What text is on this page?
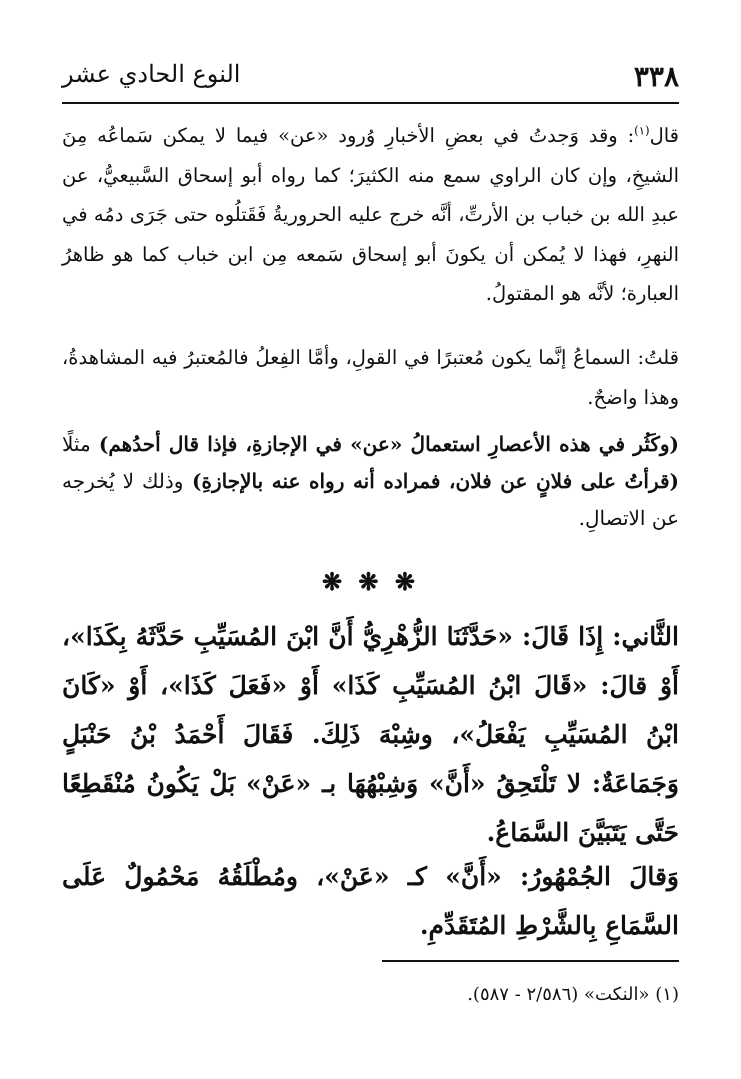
٣٣٨
النوع الحادي عشر

قال$^{(١)}$: وقد وَجدتُ في بعضِ الأخبارِ وُرود «عن» فيما لا يمكن سَماعُه مِنَ الشيخِ، وإن كان الراوي سمع منه الكثيرَ؛ كما رواه أبو إسحاق السَّبيعيُّ، عن عبدِ الله بن خباب بن الأرتِّ، أنَّه خرج عليه الحروريةُ فَقَتلُوه حتى جَرَى دمُه في النهرِ، فهذا لا يُمكن أن يكونَ أبو إسحاق سَمعه مِن ابن خباب كما هو ظاهرُ العبارة؛ لأنَّه هو المقتولُ.

قلتُ: السماعُ إنَّما يكون مُعتبرًا في القولِ، وأمَّا الفِعلُ فالمُعتبرُ فيه المشاهدةُ، وهذا واضحٌ.

(وكَثُر في هذه الأعصارِ استعمالُ «عن» في الإجازةِ، فإذا قال أحدُهم) مثلًا (قرأتُ على فلانٍ عن فلان، فمراده أنه رواه عنه بالإجازةِ) وذلك لا يُخرجه عن الاتصالِ.

❋ ❋ ❋

الثَّاني: إِذَا قَالَ: «حَدَّثَنَا الزُّهْرِيُّ أَنَّ ابْنَ المُسَيِّبِ حَدَّثَهُ بِكَذَا»، أَوْ قالَ: «قَالَ ابْنُ المُسَيِّبِ كَذَا» أَوْ «فَعَلَ كَذَا»، أَوْ «كَانَ ابْنُ المُسَيِّبِ يَفْعَلُ»، وشِبْهَ ذَلِكَ. فَقَالَ أَحْمَدُ بْنُ حَنْبَلٍ وَجَمَاعَةٌ: لا تَلْتَحِقُ «أَنَّ» وَشِبْهُهَا بـ «عَنْ» بَلْ يَكُونُ مُنْقَطِعًا حَتَّى يَتَبَيَّنَ السَّمَاعُ.

وَقالَ الجُمْهُورُ: «أَنَّ» كـ «عَنْ»، ومُطْلَقُهُ مَحْمُولٌ عَلَى السَّمَاعِ بِالشَّرْطِ المُتَقَدِّمِ.

(١) «النكت» (٢/٥٨٦ - ٥٨٧).
